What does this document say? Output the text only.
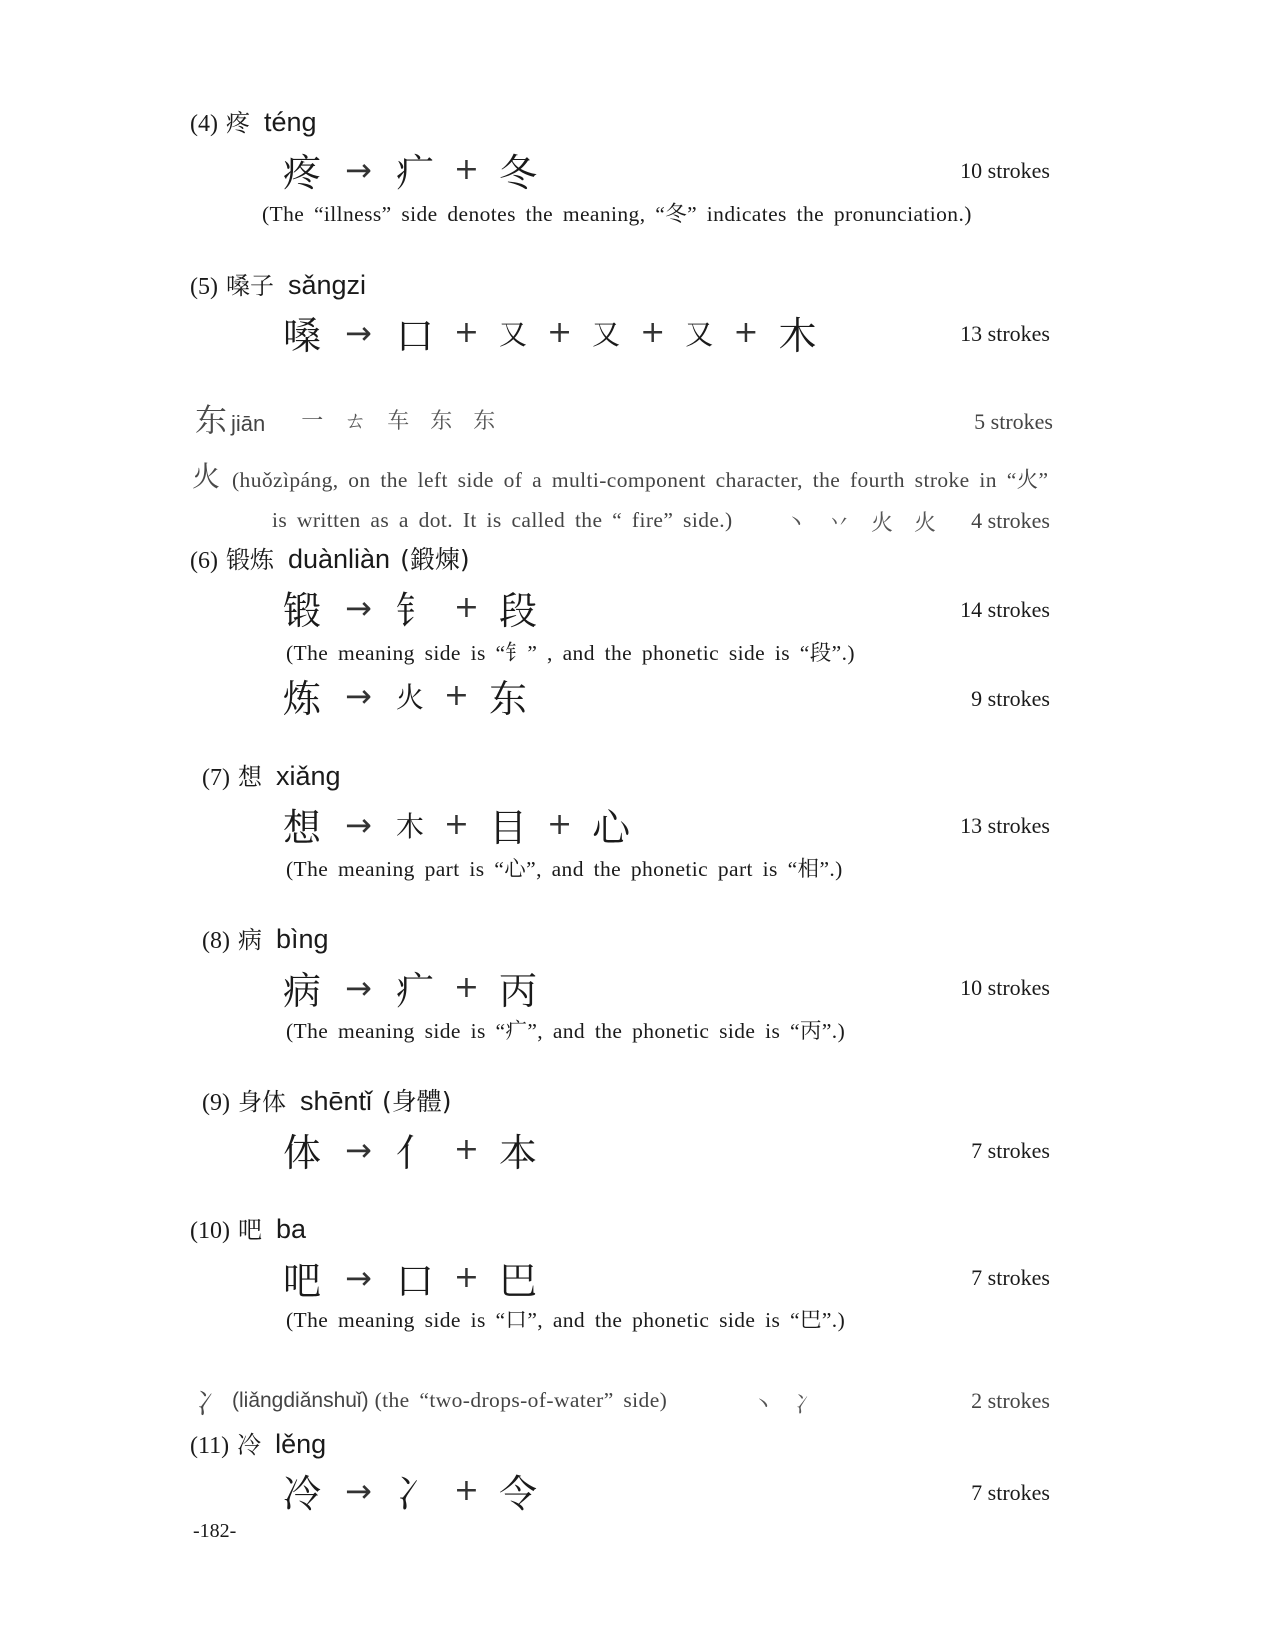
(4) 疼 téng
疼 → 疒 + 冬	10 strokes
(The “illness” side denotes the meaning, “冬” indicates the pronunciation.)
(5) 嗓子 sǎngzi
嗓 → 口 + 又 + 又 + 又 + 木	13 strokes
东 jiān 一 ㄊ 车 东 东	5 strokes
火 (huǒzìpáng, on the left side of a multi-component character, the fourth stroke in “火”
is written as a dot. It is called the “ fire” side.) 丶 丷 火 火 4 strokes
(6) 锻炼 duànliàn (鍛煉)
锻 → 钅 + 段	14 strokes
(The meaning side is “钅” , and the phonetic side is “段”.)
炼 → 火 + 东	9 strokes
(7) 想 xiǎng
想 → 木 + 目 + 心	13 strokes
(The meaning part is “心”, and the phonetic part is “相”.)
(8) 病 bìng
病 → 疒 + 丙	10 strokes
(The meaning side is “疒”, and the phonetic side is “丙”.)
(9) 身体 shēntǐ (身體)
体 → 亻 + 本	7 strokes
(10) 吧 ba
吧 → 口 + 巴	7 strokes
(The meaning side is “口”, and the phonetic side is “巴”.)
冫 (liǎngdiǎnshuǐ) (the “two-drops-of-water” side)	丶 冫	2 strokes
(11) 冷 lěng
冷 → 冫 + 令	7 strokes
-182-
